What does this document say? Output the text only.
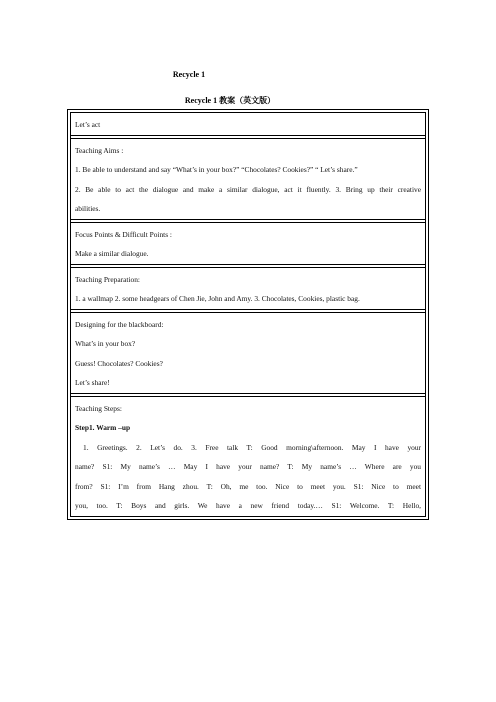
Recycle 1
Recycle 1 教案（英文版）
Let’s act
Teaching Aims :
1. Be able to understand and say “What’s in your box?” “Chocolates? Cookies?” “ Let’s share.”
2. Be able to act the dialogue and make a similar dialogue, act it fluently. 3. Bring up their creative
abilities.
Focus Points & Difficult Points :
Make a similar dialogue.
Teaching Preparation:
1. a wallmap 2. some headgears of Chen Jie, John and Amy. 3. Chocolates, Cookies, plastic bag.
Designing for the blackboard:
What’s in your box?
Guess! Chocolates? Cookies?
Let’s share!
Teaching Steps:
Step1. Warm –up
1. Greetings. 2. Let’s do. 3. Free talk T: Good morning\afternoon. May I have your
name? S1: My name’s … May I have your name? T: My name’s … Where are you
from? S1: I’m from Hang zhou. T: Oh, me too. Nice to meet you. S1: Nice to meet
you, too. T: Boys and girls. We have a new friend today.… S1: Welcome. T: Hello,
